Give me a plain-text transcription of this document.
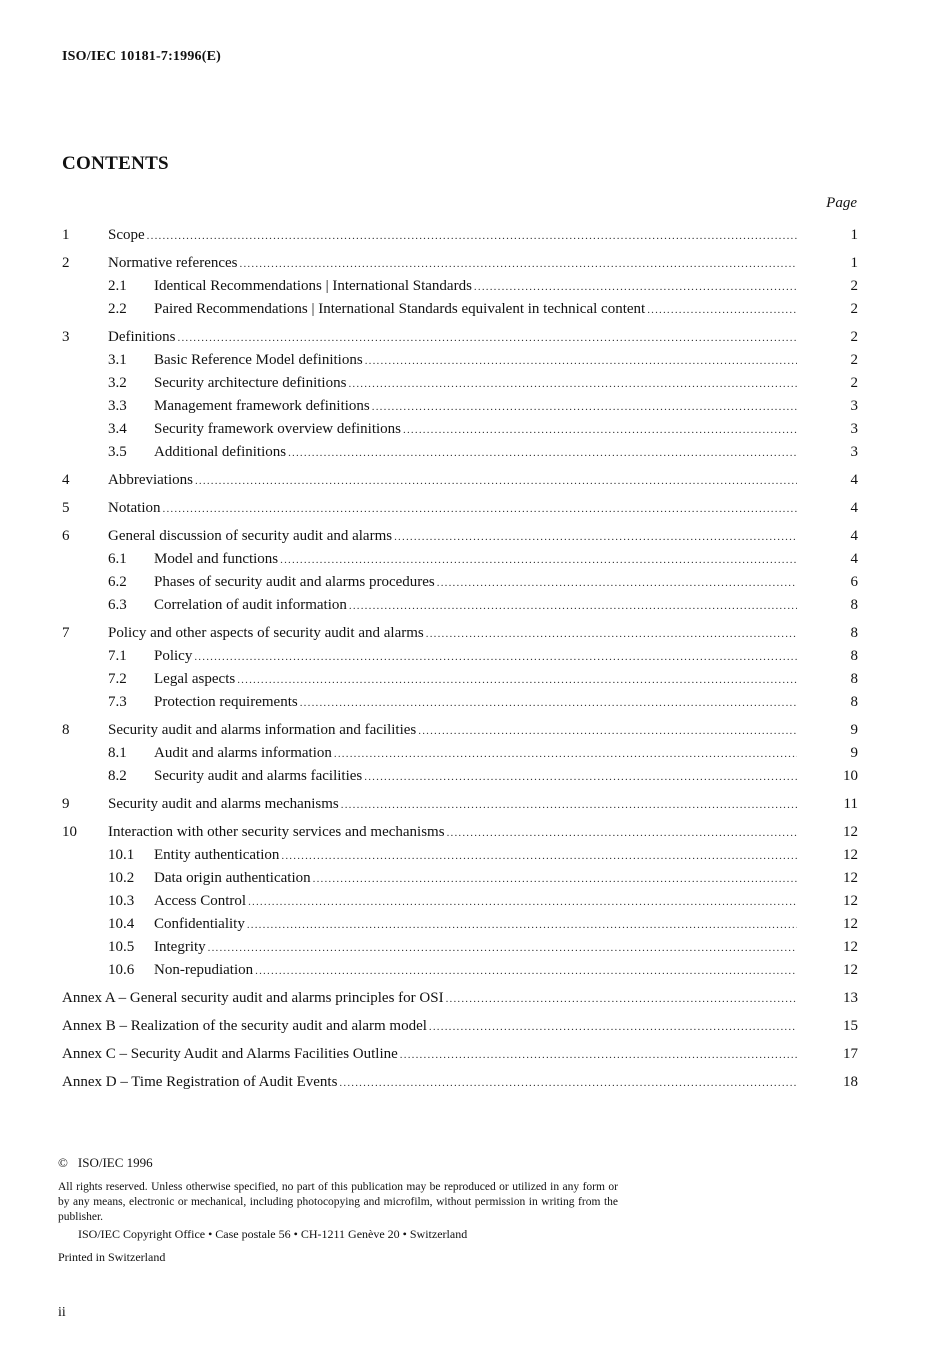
ISO/IEC 10181-7:1996(E)
CONTENTS
Page
1	Scope .....	1
2	Normative references .....	1
2.1 Identical Recommendations | International Standards .....	2
2.2 Paired Recommendations | International Standards equivalent in technical content .....	2
3	Definitions .....	2
3.1 Basic Reference Model definitions .....	2
3.2 Security architecture definitions .....	2
3.3 Management framework definitions .....	3
3.4 Security framework overview definitions .....	3
3.5 Additional definitions .....	3
4	Abbreviations .....	4
5	Notation .....	4
6	General discussion of security audit and alarms .....	4
6.1 Model and functions .....	4
6.2 Phases of security audit and alarms procedures .....	6
6.3 Correlation of audit information .....	8
7	Policy and other aspects of security audit and alarms .....	8
7.1 Policy .....	8
7.2 Legal aspects .....	8
7.3 Protection requirements .....	8
8	Security audit and alarms information and facilities .....	9
8.1 Audit and alarms information .....	9
8.2 Security audit and alarms facilities .....	10
9	Security audit and alarms mechanisms .....	11
10 Interaction with other security services and mechanisms .....	12
10.1 Entity authentication .....	12
10.2 Data origin authentication .....	12
10.3 Access Control .....	12
10.4 Confidentiality .....	12
10.5 Integrity .....	12
10.6 Non-repudiation .....	12
Annex A – General security audit and alarms principles for OSI .....	13
Annex B – Realization of the security audit and alarm model .....	15
Annex C – Security Audit and Alarms Facilities Outline .....	17
Annex D – Time Registration of Audit Events .....	18
© ISO/IEC 1996
All rights reserved. Unless otherwise specified, no part of this publication may be reproduced or utilized in any form or by any means, electronic or mechanical, including photocopying and microfilm, without permission in writing from the publisher.
ISO/IEC Copyright Office • Case postale 56 • CH-1211 Genève 20 • Switzerland
Printed in Switzerland
ii
